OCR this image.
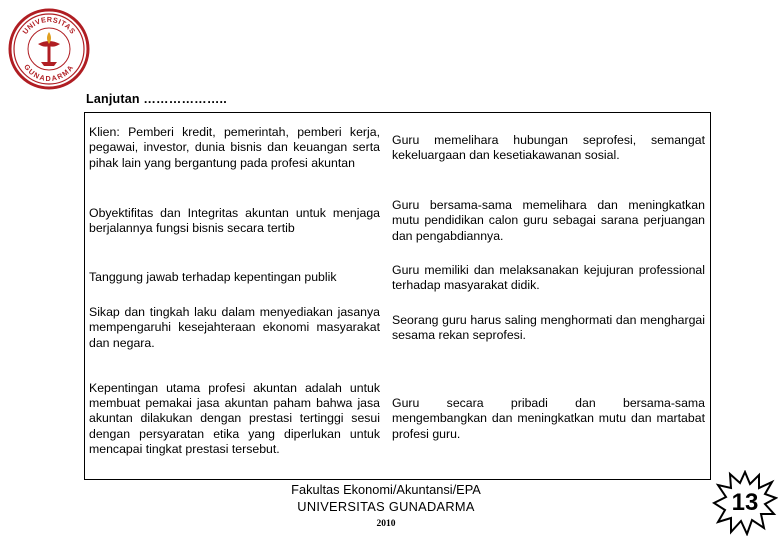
UNIVERSITAS
GUNADARMA
Lanjutan ………………..
Klien: Pemberi kredit, pemerintah, pemberi kerja, pegawai, investor, dunia bisnis dan keuangan serta pihak lain yang bergantung pada profesi akuntan	Guru memelihara hubungan seprofesi, semangat kekeluargaan dan kesetiakawanan sosial.
Obyektifitas dan Integritas akuntan untuk menjaga berjalannya fungsi bisnis secara tertib	Guru bersama-sama memelihara dan meningkatkan mutu pendidikan calon guru sebagai sarana perjuangan dan pengabdiannya.
Tanggung jawab terhadap kepentingan publik	Guru memiliki dan melaksanakan kejujuran professional terhadap masyarakat didik.
Sikap dan tingkah laku dalam menyediakan jasanya mempengaruhi kesejahteraan ekonomi masyarakat dan negara.	Seorang guru harus saling menghormati dan menghargai sesama rekan seprofesi.
Kepentingan utama profesi akuntan adalah untuk membuat pemakai jasa akuntan paham bahwa jasa akuntan dilakukan dengan prestasi tertinggi sesui dengan persyaratan etika yang diperlukan untuk mencapai tingkat prestasi tersebut.	Guru secara pribadi dan bersama-sama mengembangkan dan meningkatkan mutu dan martabat profesi guru.
Fakultas Ekonomi/Akuntansi/EPA
UNIVERSITAS GUNADARMA
2010
13
